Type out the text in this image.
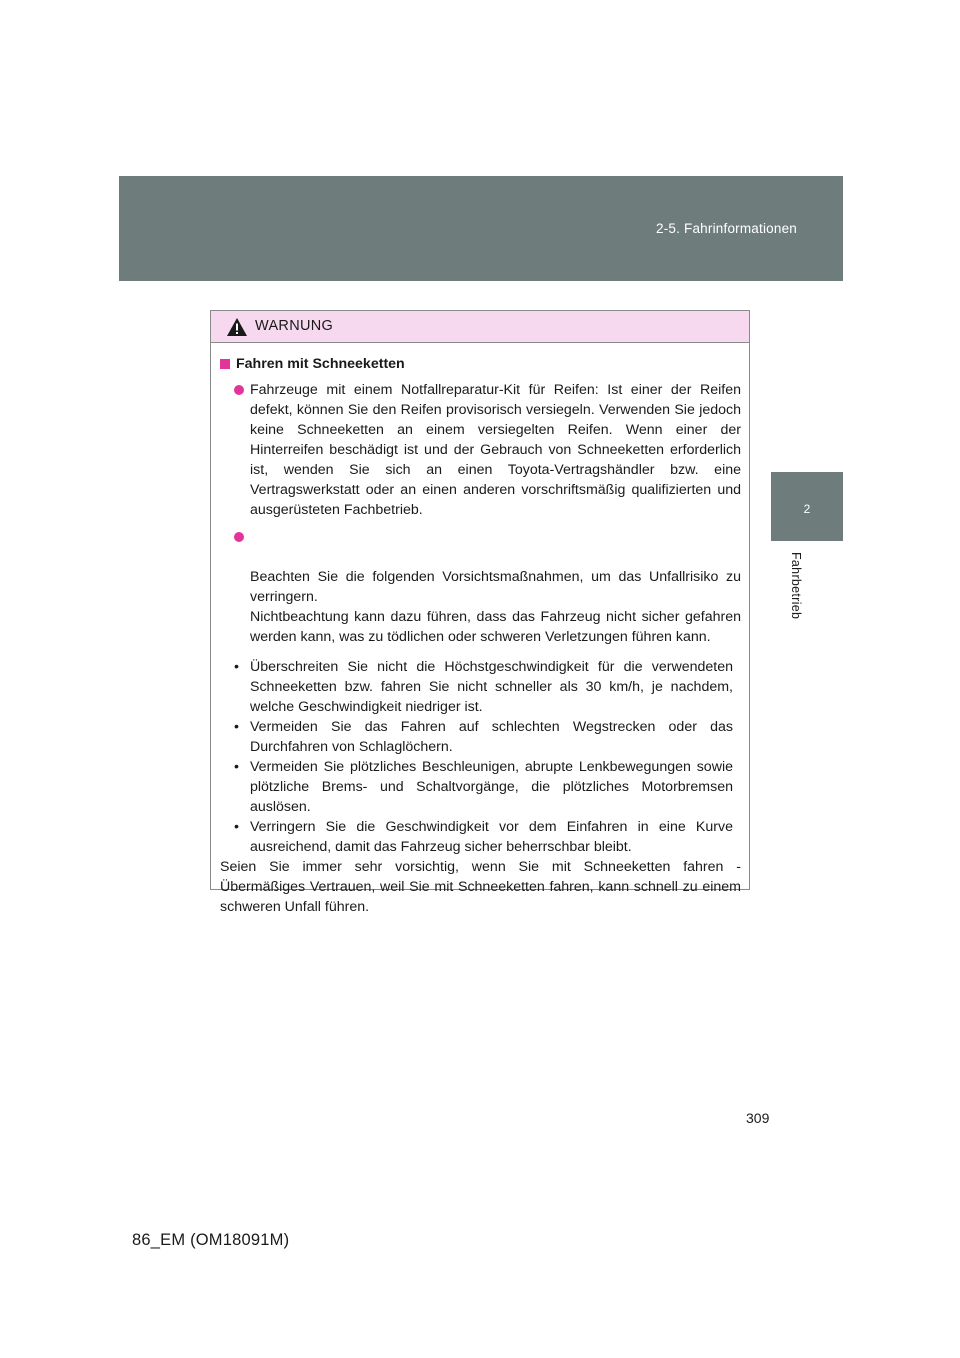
2-5. Fahrinformationen
2
Fahrbetrieb
WARNUNG

Fahren mit Schneeketten

Fahrzeuge mit einem Notfallreparatur-Kit für Reifen: Ist einer der Reifen defekt, können Sie den Reifen provisorisch versiegeln. Verwenden Sie jedoch keine Schneeketten an einem versiegelten Reifen. Wenn einer der Hinterreifen beschädigt ist und der Gebrauch von Schneeketten erforderlich ist, wenden Sie sich an einen Toyota-Vertragshändler bzw. eine Vertragswerkstatt oder an einen anderen vorschriftsmäßig qualifizierten und ausgerüsteten Fachbetrieb.

Beachten Sie die folgenden Vorsichtsmaßnahmen, um das Unfallrisiko zu verringern.
Nichtbeachtung kann dazu führen, dass das Fahrzeug nicht sicher gefahren werden kann, was zu tödlichen oder schweren Verletzungen führen kann.

• Überschreiten Sie nicht die Höchstgeschwindigkeit für die verwendeten Schneeketten bzw. fahren Sie nicht schneller als 30 km/h, je nachdem, welche Geschwindigkeit niedriger ist.
• Vermeiden Sie das Fahren auf schlechten Wegstrecken oder das Durchfahren von Schlaglöchern.
• Vermeiden Sie plötzliches Beschleunigen, abrupte Lenkbewegungen sowie plötzliche Brems- und Schaltvorgänge, die plötzliches Motorbremsen auslösen.
• Verringern Sie die Geschwindigkeit vor dem Einfahren in eine Kurve ausreichend, damit das Fahrzeug sicher beherrschbar bleibt.

Seien Sie immer sehr vorsichtig, wenn Sie mit Schneeketten fahren - Übermäßiges Vertrauen, weil Sie mit Schneeketten fahren, kann schnell zu einem schweren Unfall führen.

309
86_EM (OM18091M)
